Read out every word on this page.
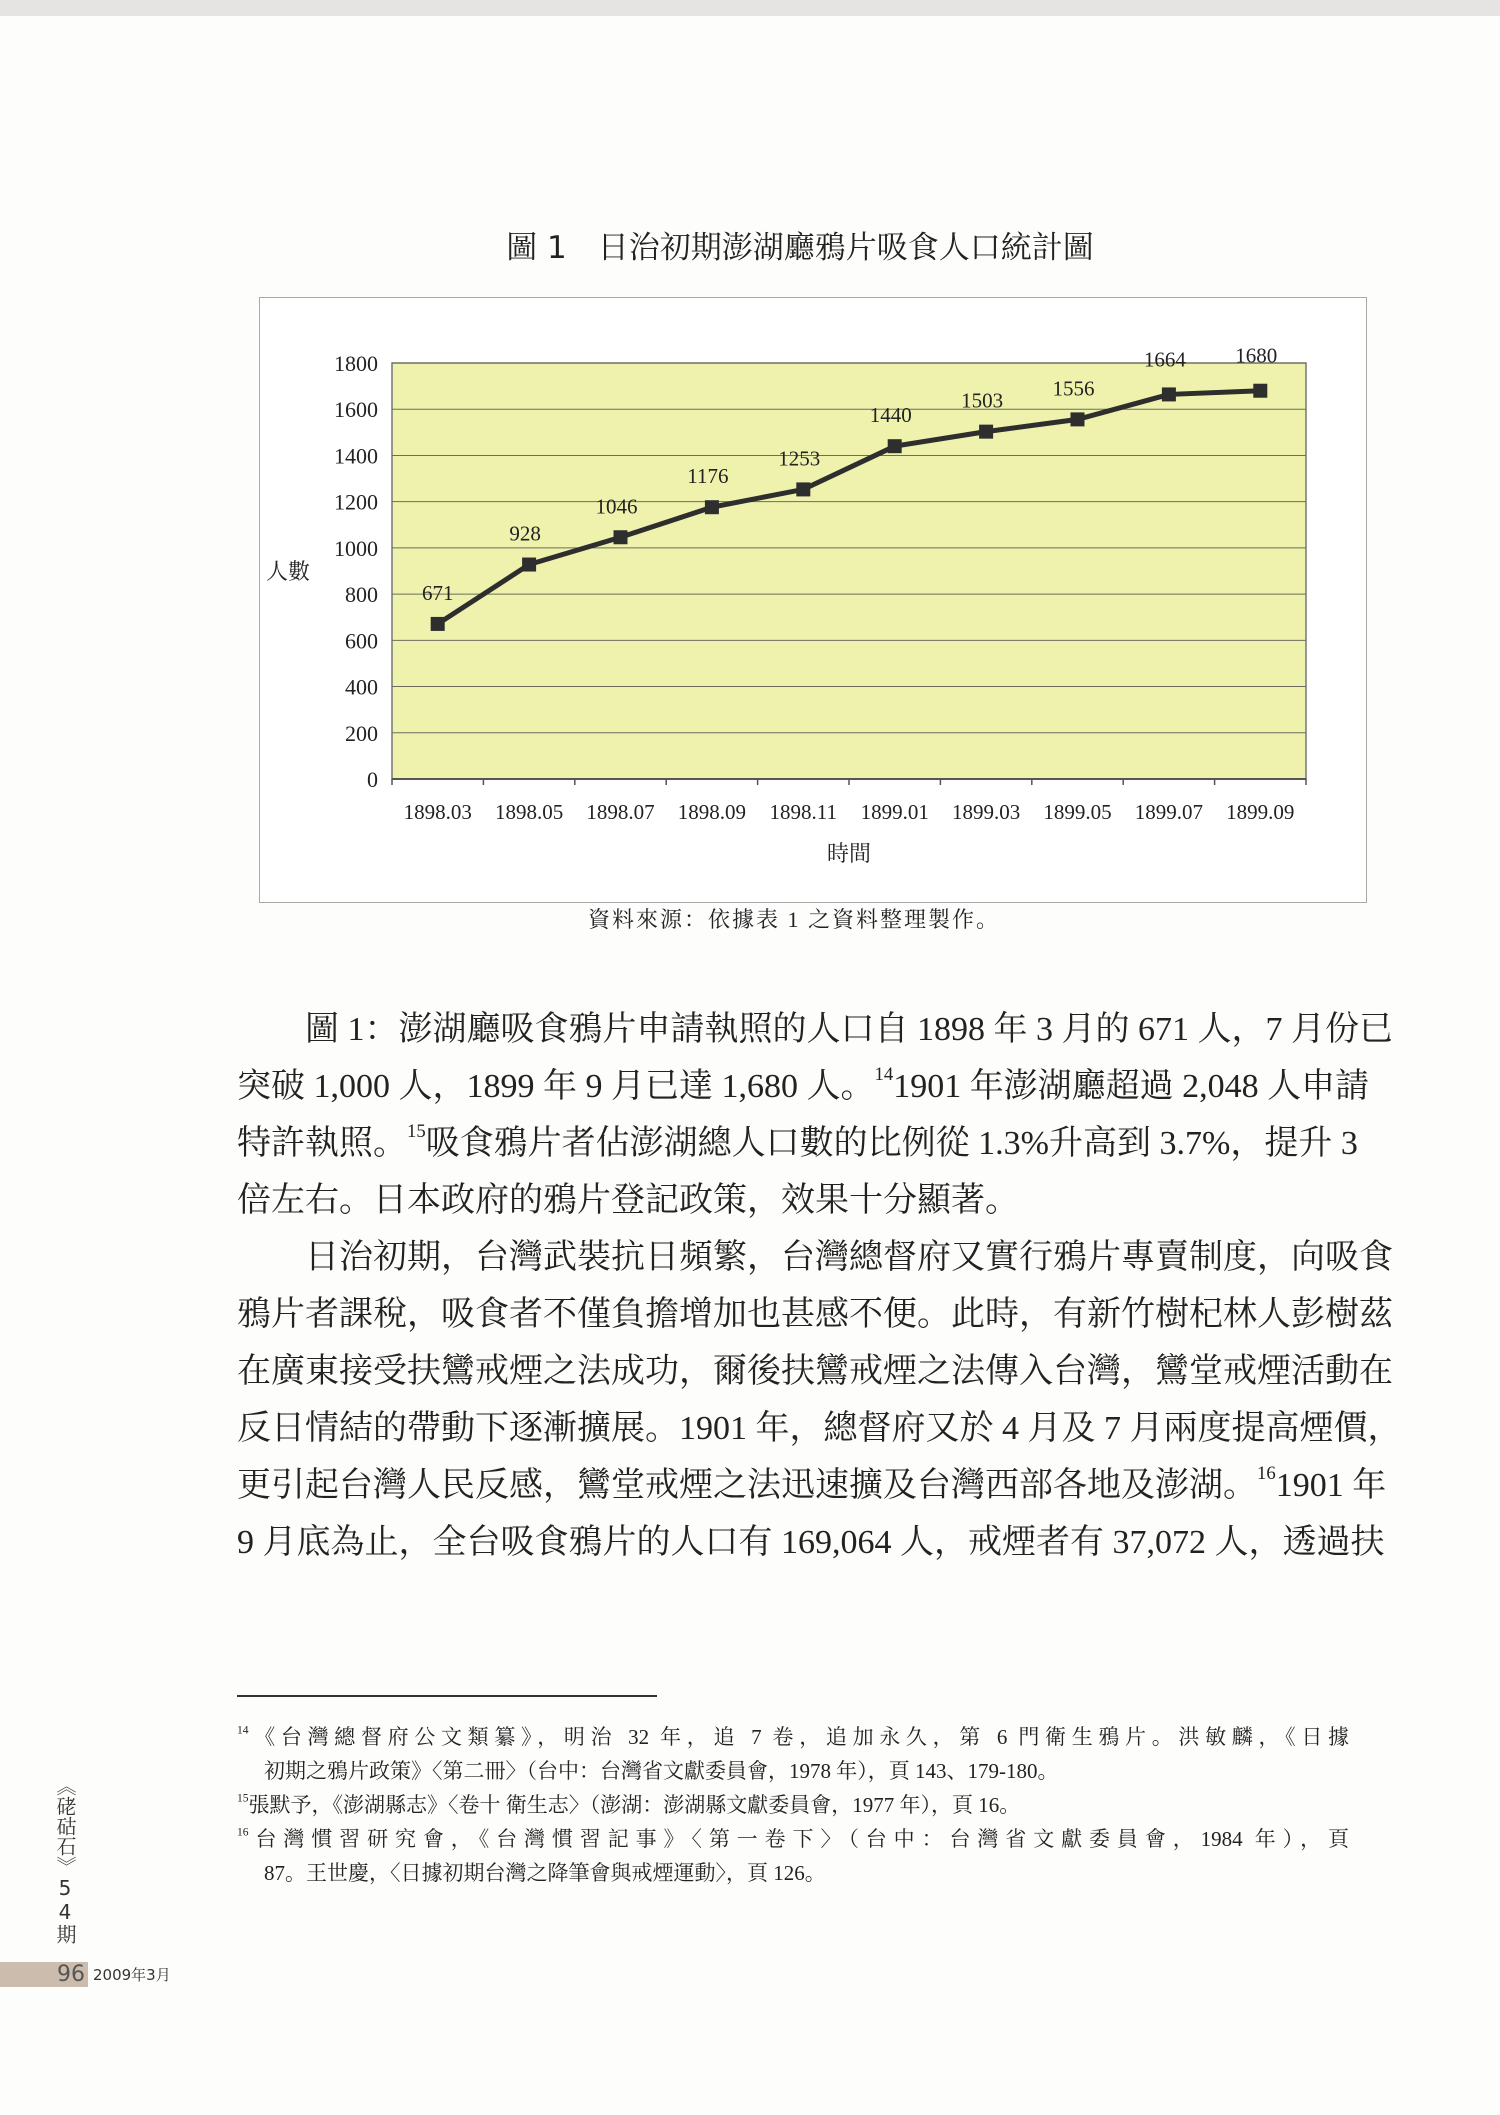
圖 1　日治初期澎湖廳鴉片吸食人口統計圖
0
200
400
600
800
1000
1200
1400
1600
1800
1898.03 1898.05 1898.07 1898.09 1898.11 1899.01 1899.03 1899.05 1899.07 1899.09
時間
人數
671
928
1046
1176
1253
1440
1503
1556
1664 1680
資料來源：依據表 1 之資料整理製作。
圖 1：澎湖廳吸食鴉片申請執照的人口自 1898 年 3 月的 671 人，7 月份已
突破 1,000 人，1899 年 9 月已達 1,680 人。$^{14}$1901 年澎湖廳超過 2,048 人申請
特許執照。$^{15}$吸食鴉片者佔澎湖總人口數的比例從 1.3%升高到 3.7%，提升 3
倍左右。日本政府的鴉片登記政策，效果十分顯著。
日治初期，台灣武裝抗日頻繁，台灣總督府又實行鴉片專賣制度，向吸食
鴉片者課稅，吸食者不僅負擔增加也甚感不便。此時，有新竹樹杞林人彭樹茲
在廣東接受扶鸞戒煙之法成功，爾後扶鸞戒煙之法傳入台灣，鸞堂戒煙活動在
反日情結的帶動下逐漸擴展。1901 年，總督府又於 4 月及 7 月兩度提高煙價，
更引起台灣人民反感，鸞堂戒煙之法迅速擴及台灣西部各地及澎湖。$^{16}$1901 年
9 月底為止，全台吸食鴉片的人口有 169,064 人，戒煙者有 37,072 人，透過扶
$^{14}$《台灣總督府公文類纂》，明治 32 年，追 7 卷，追加永久，第 6 門衛生鴉片。洪敏麟，《日據
初期之鴉片政策》〈第二冊〉（台中：台灣省文獻委員會，1978 年），頁 143、179-180。
$^{15}$張默予，《澎湖縣志》〈卷十 衛生志〉（澎湖：澎湖縣文獻委員會，1977 年），頁 16。
$^{16}$台灣慣習研究會，《台灣慣習記事》〈第一卷下〉（台中：台灣省文獻委員會，1984 年），頁
87。王世慶，〈日據初期台灣之降筆會與戒煙運動〉，頁 126。
《硓𥑮石》54期
96 2009年3月
